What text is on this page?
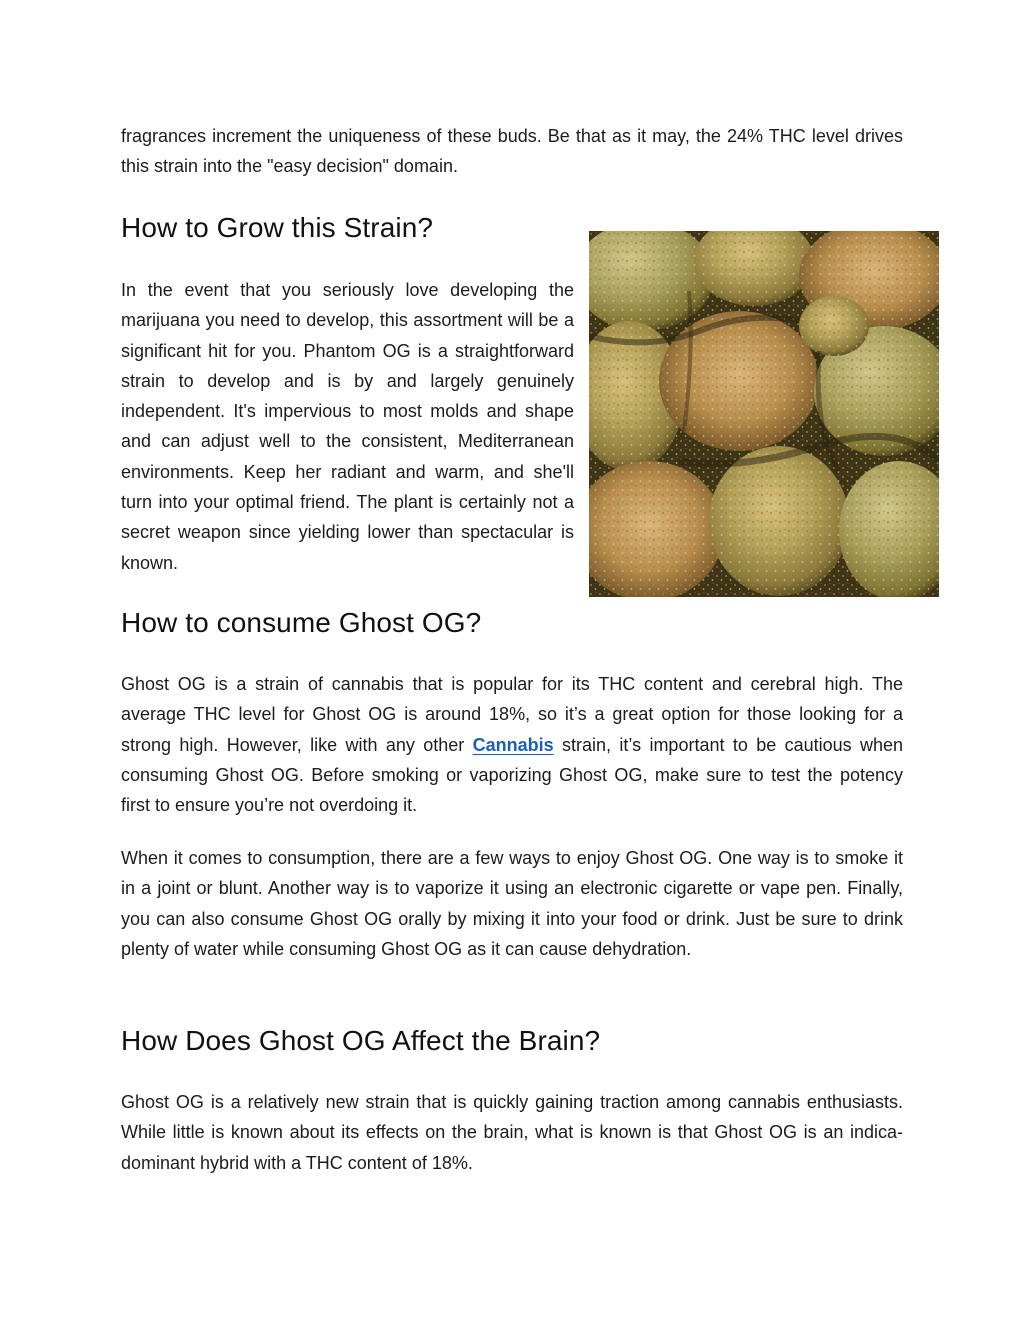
fragrances increment the uniqueness of these buds. Be that as it may, the 24% THC level drives this strain into the "easy decision" domain.

How to Grow this Strain?

In the event that you seriously love developing the marijuana you need to develop, this assortment will be a significant hit for you. Phantom OG is a straightforward strain to develop and is by and largely genuinely independent. It's impervious to most molds and shape and can adjust well to the consistent, Mediterranean environments. Keep her radiant and warm, and she'll turn into your optimal friend. The plant is certainly not a secret weapon since yielding lower than spectacular is known.

How to consume Ghost OG?

Ghost OG is a strain of cannabis that is popular for its THC content and cerebral high. The average THC level for Ghost OG is around 18%, so it’s a great option for those looking for a strong high. However, like with any other Cannabis strain, it’s important to be cautious when consuming Ghost OG. Before smoking or vaporizing Ghost OG, make sure to test the potency first to ensure you’re not overdoing it.

When it comes to consumption, there are a few ways to enjoy Ghost OG. One way is to smoke it in a joint or blunt. Another way is to vaporize it using an electronic cigarette or vape pen. Finally, you can also consume Ghost OG orally by mixing it into your food or drink. Just be sure to drink plenty of water while consuming Ghost OG as it can cause dehydration.

How Does Ghost OG Affect the Brain?

Ghost OG is a relatively new strain that is quickly gaining traction among cannabis enthusiasts. While little is known about its effects on the brain, what is known is that Ghost OG is an indica-dominant hybrid with a THC content of 18%.
